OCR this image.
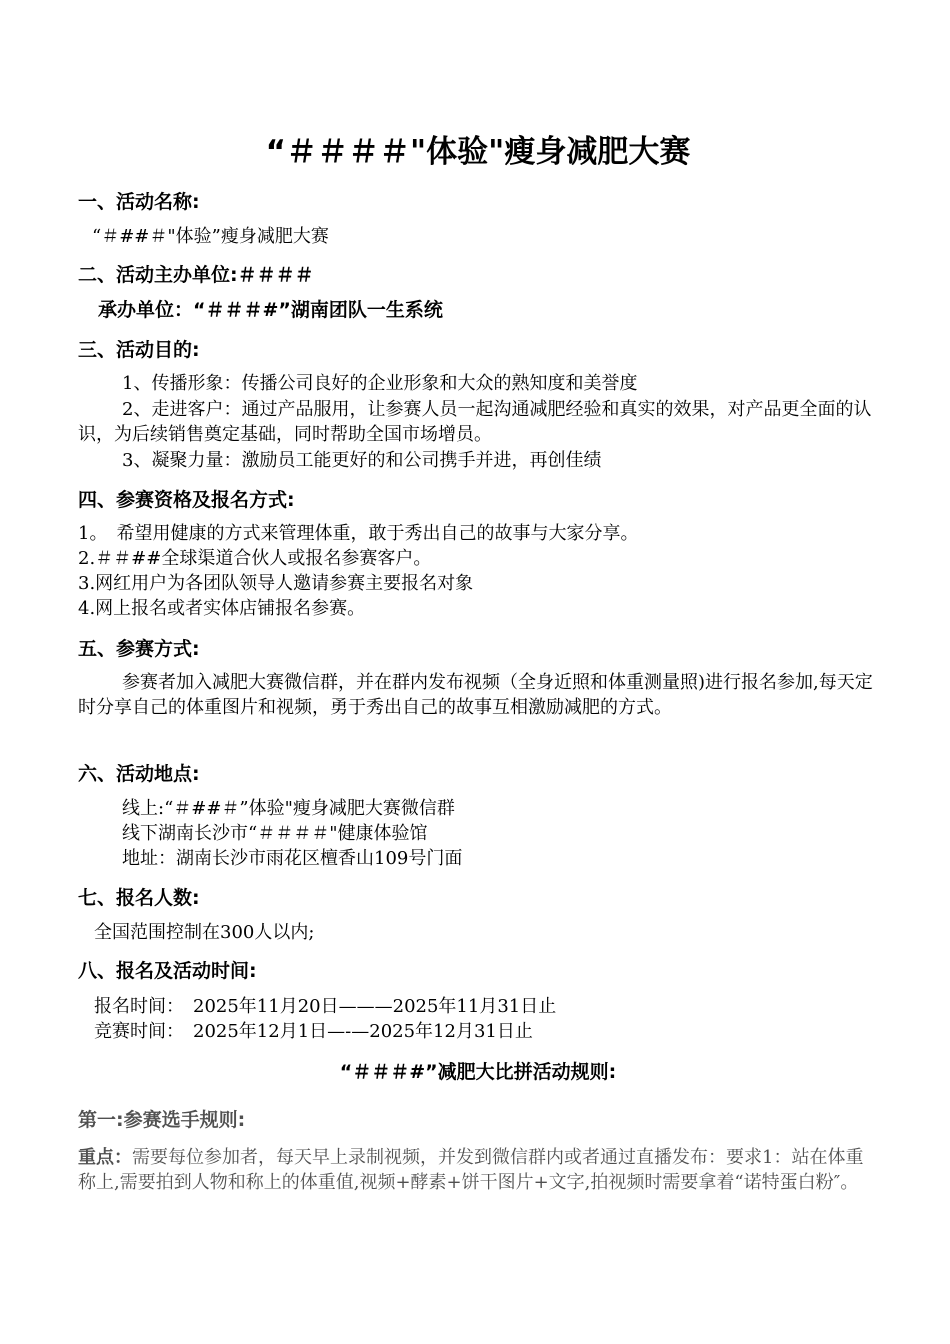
“＃＃＃＃"体验"瘦身减肥大赛
一、活动名称:
“＃##＃"体验”瘦身减肥大赛
二、活动主办单位:＃＃＃＃
承办单位：“＃＃＃#”湖南团队一生系统
三、活动目的:
1、传播形象：传播公司良好的企业形象和大众的熟知度和美誉度
2、走进客户：通过产品服用，让参赛人员一起沟通减肥经验和真实的效果，对产品更全面的认识，为后续销售奠定基础，同时帮助全国市场增员。
3、凝聚力量：激励员工能更好的和公司携手并进，再创佳绩
四、参赛资格及报名方式:
1。　希望用健康的方式来管理体重，敢于秀出自己的故事与大家分享。
2.＃＃##全球渠道合伙人或报名参赛客户。
3.网红用户为各团队领导人邀请参赛主要报名对象
4.网上报名或者实体店铺报名参赛。
五、参赛方式:
参赛者加入减肥大赛微信群，并在群内发布视频（全身近照和体重测量照)进行报名参加,每天定时分享自己的体重图片和视频，勇于秀出自己的故事互相激励减肥的方式。
六、活动地点:
线上:“＃##＃”体验"瘦身减肥大赛微信群
线下湖南长沙市“＃＃＃＃"健康体验馆
地址：湖南长沙市雨花区檀香山109号门面
七、报名人数:
全国范围控制在300人以内;
八、报名及活动时间:
报名时间：　2025年11月20日———2025年11月31日止
竞赛时间：　2025年12月1日—-—2025年12月31日止
“＃＃＃#”减肥大比拼活动规则:
第一:参赛选手规则:
重点：需要每位参加者，每天早上录制视频，并发到微信群内或者通过直播发布：要求1：站在体重称上,需要拍到人物和称上的体重值,视频+酵素+饼干图片+文字,拍视频时需要拿着“诺特蛋白粉″。
